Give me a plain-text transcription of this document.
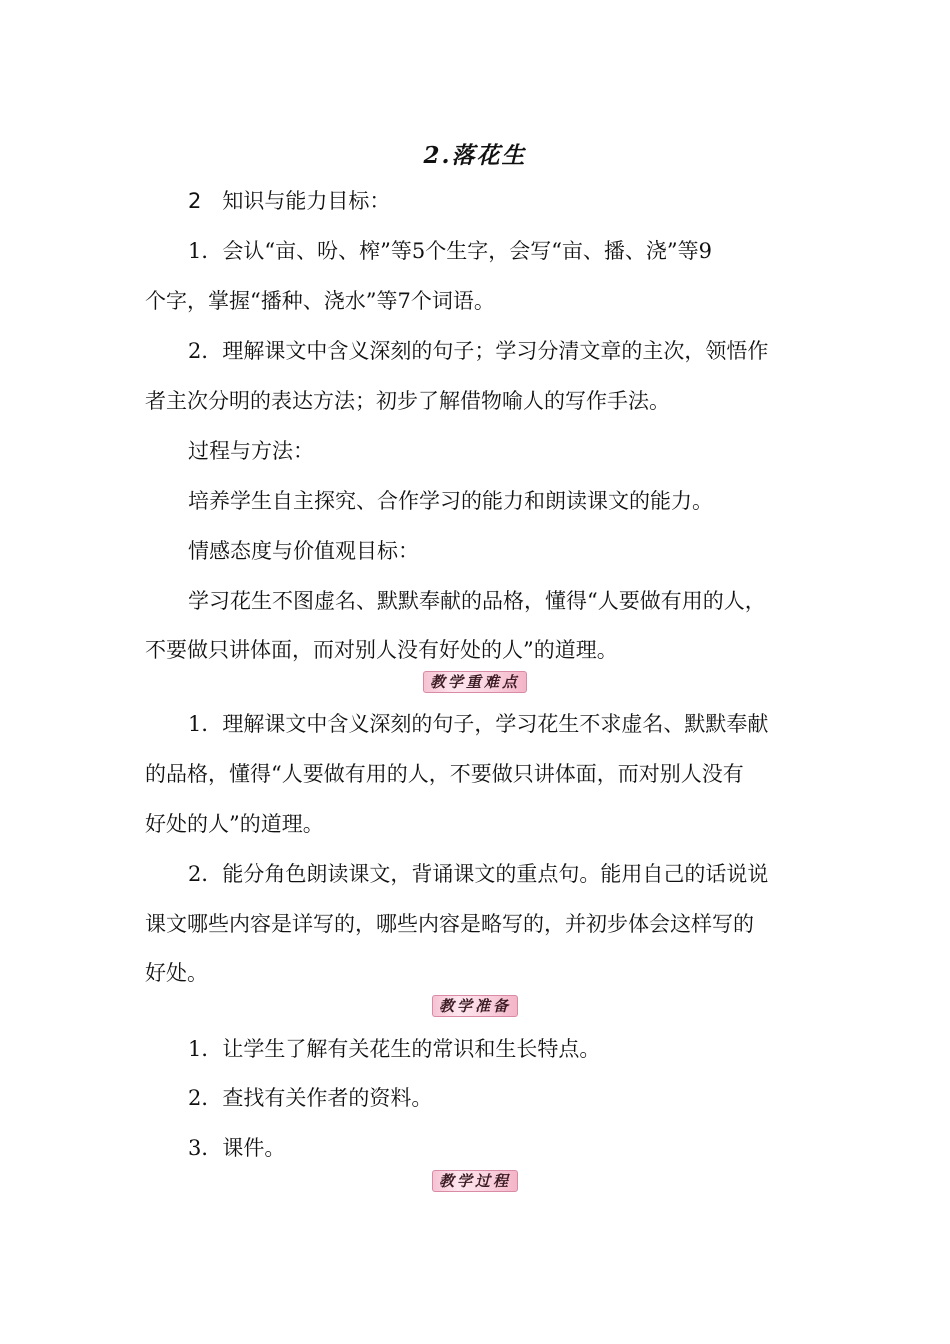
2.落花生
2　知识与能力目标：
1．会认“亩、吩、榨”等5个生字，会写“亩、播、浇”等9
个字，掌握“播种、浇水”等7个词语。
2．理解课文中含义深刻的句子；学习分清文章的主次，领悟作
者主次分明的表达方法；初步了解借物喻人的写作手法。
过程与方法：
培养学生自主探究、合作学习的能力和朗读课文的能力。
情感态度与价值观目标：
学习花生不图虚名、默默奉献的品格，懂得“人要做有用的人，
不要做只讲体面，而对别人没有好处的人”的道理。
教学重难点
1．理解课文中含义深刻的句子，学习花生不求虚名、默默奉献
的品格，懂得“人要做有用的人，不要做只讲体面，而对别人没有
好处的人”的道理。
2．能分角色朗读课文，背诵课文的重点句。能用自己的话说说
课文哪些内容是详写的，哪些内容是略写的，并初步体会这样写的
好处。
教学准备
1．让学生了解有关花生的常识和生长特点。
2．查找有关作者的资料。
3．课件。
教学过程
